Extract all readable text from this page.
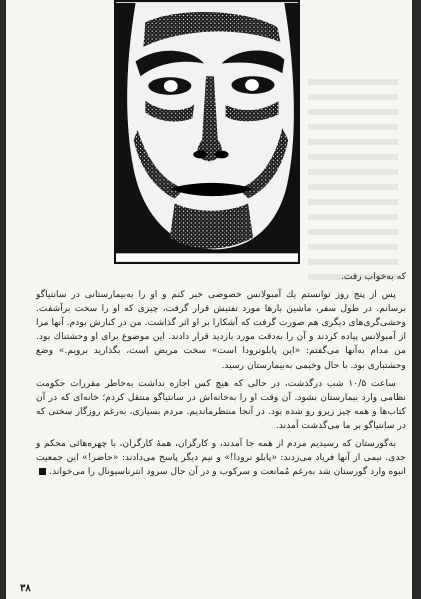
که به‌خواب رفت.

پس از پنج روز توانستم یك آمبولانس خصوصی خبر کنم و او را به‌بیمارستانی در سانتیاگو برسانم. در طول سفر، ماشین بارها مورد تفتیش قرار گرفت، چیزی که او را سخت برآشفت. وحشی‌گری‌های دیگری هم صورت گرفت که آشکارا بر او اثر گذاشت. من در کنارش بودم. آنها مرا از آمبولانس پیاده کردند و آن را به‌دقت مورد بازدید قرار دادند. این موضوع برای او وحشتناك بود. من مدام به‌آنها می‌گفتم: «این پابلونرودا است» سخت مریض است، بگذارید برویم.» وضع وحشتباری بود. با حال وخیمی به‌بیمارستان رسید.

ساعت ۱۰/۵ شب درگذشت، در حالی که هیچ کس اجازه نداشت به‌خاطر مقررات حکومت نظامی وارد بیمارستان بشود. آن وقت او را به‌خانه‌اش در سانتیاگو منتقل کردم؛ خانه‌ای که در آن کتاب‌ها و همه چیز زیرو رو شده بود. در آنجا منتظرماندیم. مردم بسیاری، به‌رغم روزگار سختی که در سانتیاگو بر ما می‌گذشت آمدند.

به‌گورستان که رسیدیم مردم از همه جا آمدند، و کارگران، همهٔ کارگران، با چهره‌هائی محکم و جدی. نیمی از آنها فریاد می‌زدند: «پابلو نرودا!» و نیم دیگر پاسخ می‌دادند: «حاضر!» این جمعیت انبوه وارد گورستان شد به‌رغم مُمانعت و سرکوب و در آن حال سرود انترناسیونال را می‌خواند.

۳۸
